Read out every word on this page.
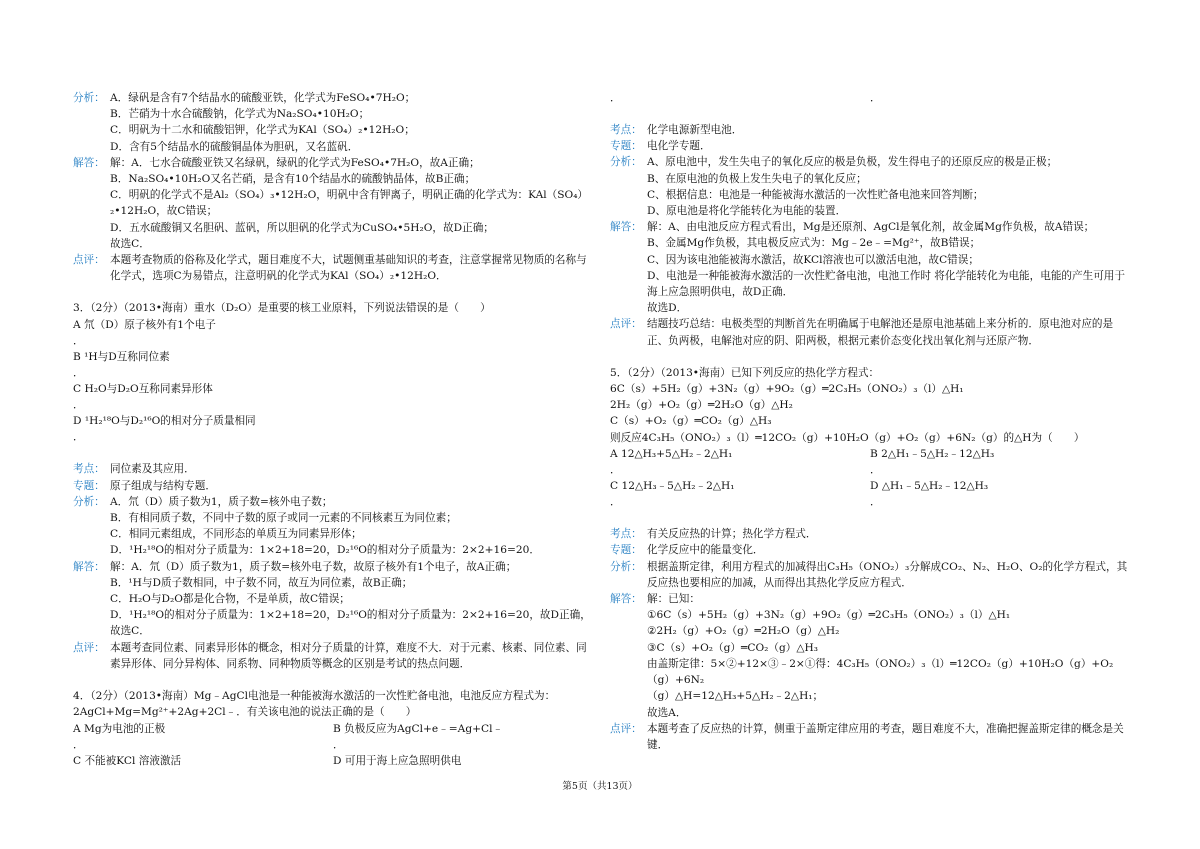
分析： A．绿矾是含有7个结晶水的硫酸亚铁，化学式为FeSO₄•7H₂O；
B．芒硝为十水合硫酸钠，化学式为Na₂SO₄•10H₂O；
C．明矾为十二水和硫酸铝钾，化学式为KAl（SO₄）₂•12H₂O；
D．含有5个结晶水的硫酸铜晶体为胆矾，又名蓝矾．
解答： 解：A．七水合硫酸亚铁又名绿矾，绿矾的化学式为FeSO₄•7H₂O，故A正确；
B．Na₂SO₄•10H₂O又名芒硝，是含有10个结晶水的硫酸钠晶体，故B正确；
C．明矾的化学式不是Al₂（SO₄）₃•12H₂O，明矾中含有钾离子，明矾正确的化学式为：KAl（SO₄）
₂•12H₂O，故C错误；
D．五水硫酸铜又名胆矾、蓝矾，所以胆矾的化学式为CuSO₄•5H₂O，故D正确；
故选C．
点评： 本题考查物质的俗称及化学式，题目难度不大，试题侧重基础知识的考查，注意掌握常见物质的名称与
化学式，选项C为易错点，注意明矾的化学式为KAl（SO₄）₂•12H₂O．
3．（2分）（2013•海南）重水（D₂O）是重要的核工业原料，下列说法错误的是（　　）
A 氘（D）原子核外有1个电子
．
B ¹H与D互称同位素
．
C H₂O与D₂O互称同素异形体
．
D ¹H₂¹⁸O与D₂¹⁶O的相对分子质量相同
．
考点： 同位素及其应用．
专题： 原子组成与结构专题．
分析： A．氘（D）质子数为1，质子数=核外电子数；
B．有相同质子数，不同中子数的原子或同一元素的不同核素互为同位素；
C．相同元素组成，不同形态的单质互为同素异形体；
D．¹H₂¹⁸O的相对分子质量为：1×2+18=20，D₂¹⁶O的相对分子质量为：2×2+16=20．
解答： 解：A．氘（D）质子数为1，质子数=核外电子数，故原子核外有1个电子，故A正确；
B．¹H与D质子数相同，中子数不同，故互为同位素，故B正确；
C．H₂O与D₂O都是化合物，不是单质，故C错误；
D．¹H₂¹⁸O的相对分子质量为：1×2+18=20，D₂¹⁶O的相对分子质量为：2×2+16=20，故D正确，
故选C．
点评： 本题考查同位素、同素异形体的概念，相对分子质量的计算，难度不大．对于元素、核素、同位素、同
素异形体、同分异构体、同系物、同种物质等概念的区别是考试的热点问题．
4．（2分）（2013•海南）Mg﹣AgCl电池是一种能被海水激活的一次性贮备电池，电池反应方程式为：
2AgCl+Mg=Mg²⁺+2Ag+2Cl﹣．有关该电池的说法正确的是（　　）
A Mg为电池的正极	B 负极反应为AgCl+e﹣=Ag+Cl﹣
．	．
C 不能被KCl 溶液激活	D 可用于海上应急照明供电
．	．
考点： 化学电源新型电池．
专题： 电化学专题．
分析： A、原电池中，发生失电子的氧化反应的极是负极，发生得电子的还原反应的极是正极；
B、在原电池的负极上发生失电子的氧化反应；
C、根据信息：电池是一种能被海水激活的一次性贮备电池来回答判断；
D、原电池是将化学能转化为电能的装置．
解答： 解：A、由电池反应方程式看出，Mg是还原剂、AgCl是氧化剂，故金属Mg作负极，故A错误；
B、金属Mg作负极，其电极反应式为：Mg﹣2e﹣=Mg²⁺，故B错误；
C、因为该电池能被海水激活，故KCl溶液也可以激活电池，故C错误；
D、电池是一种能被海水激活的一次性贮备电池，电池工作时 将化学能转化为电能，电能的产生可用于
海上应急照明供电，故D正确．
故选D．
点评： 结题技巧总结：电极类型的判断首先在明确属于电解池还是原电池基础上来分析的．原电池对应的是
正、负两极，电解池对应的阴、阳两极，根据元素价态变化找出氧化剂与还原产物．
5．（2分）（2013•海南）已知下列反应的热化学方程式：
6C（s）+5H₂（g）+3N₂（g）+9O₂（g）═2C₃H₅（ONO₂）₃（l）△H₁
2H₂（g）+O₂（g）═2H₂O（g）△H₂
C（s）+O₂（g）═CO₂（g）△H₃
则反应4C₃H₅（ONO₂）₃（l）═12CO₂（g）+10H₂O（g）+O₂（g）+6N₂（g）的△H为（　　）
A 12△H₃+5△H₂﹣2△H₁	B 2△H₁﹣5△H₂﹣12△H₃
．	．
C 12△H₃﹣5△H₂﹣2△H₁	D △H₁﹣5△H₂﹣12△H₃
．	．
考点： 有关反应热的计算；热化学方程式．
专题： 化学反应中的能量变化．
分析： 根据盖斯定律，利用方程式的加减得出C₃H₅（ONO₂）₃分解成CO₂、N₂、H₂O、O₂的化学方程式，其
反应热也要相应的加减，从而得出其热化学反应方程式．
解答： 解：已知：
①6C（s）+5H₂（g）+3N₂（g）+9O₂（g）═2C₃H₅（ONO₂）₃（l）△H₁
②2H₂（g）+O₂（g）═2H₂O（g）△H₂
③C（s）+O₂（g）═CO₂（g）△H₃
由盖斯定律：5×②+12×③﹣2×①得：4C₃H₅（ONO₂）₃（l）═12CO₂（g）+10H₂O（g）+O₂（g）+6N₂
（g）△H=12△H₃+5△H₂﹣2△H₁；
故选A．
点评： 本题考查了反应热的计算，侧重于盖斯定律应用的考查，题目难度不大，准确把握盖斯定律的概念是关
键．
第5页（共13页）
